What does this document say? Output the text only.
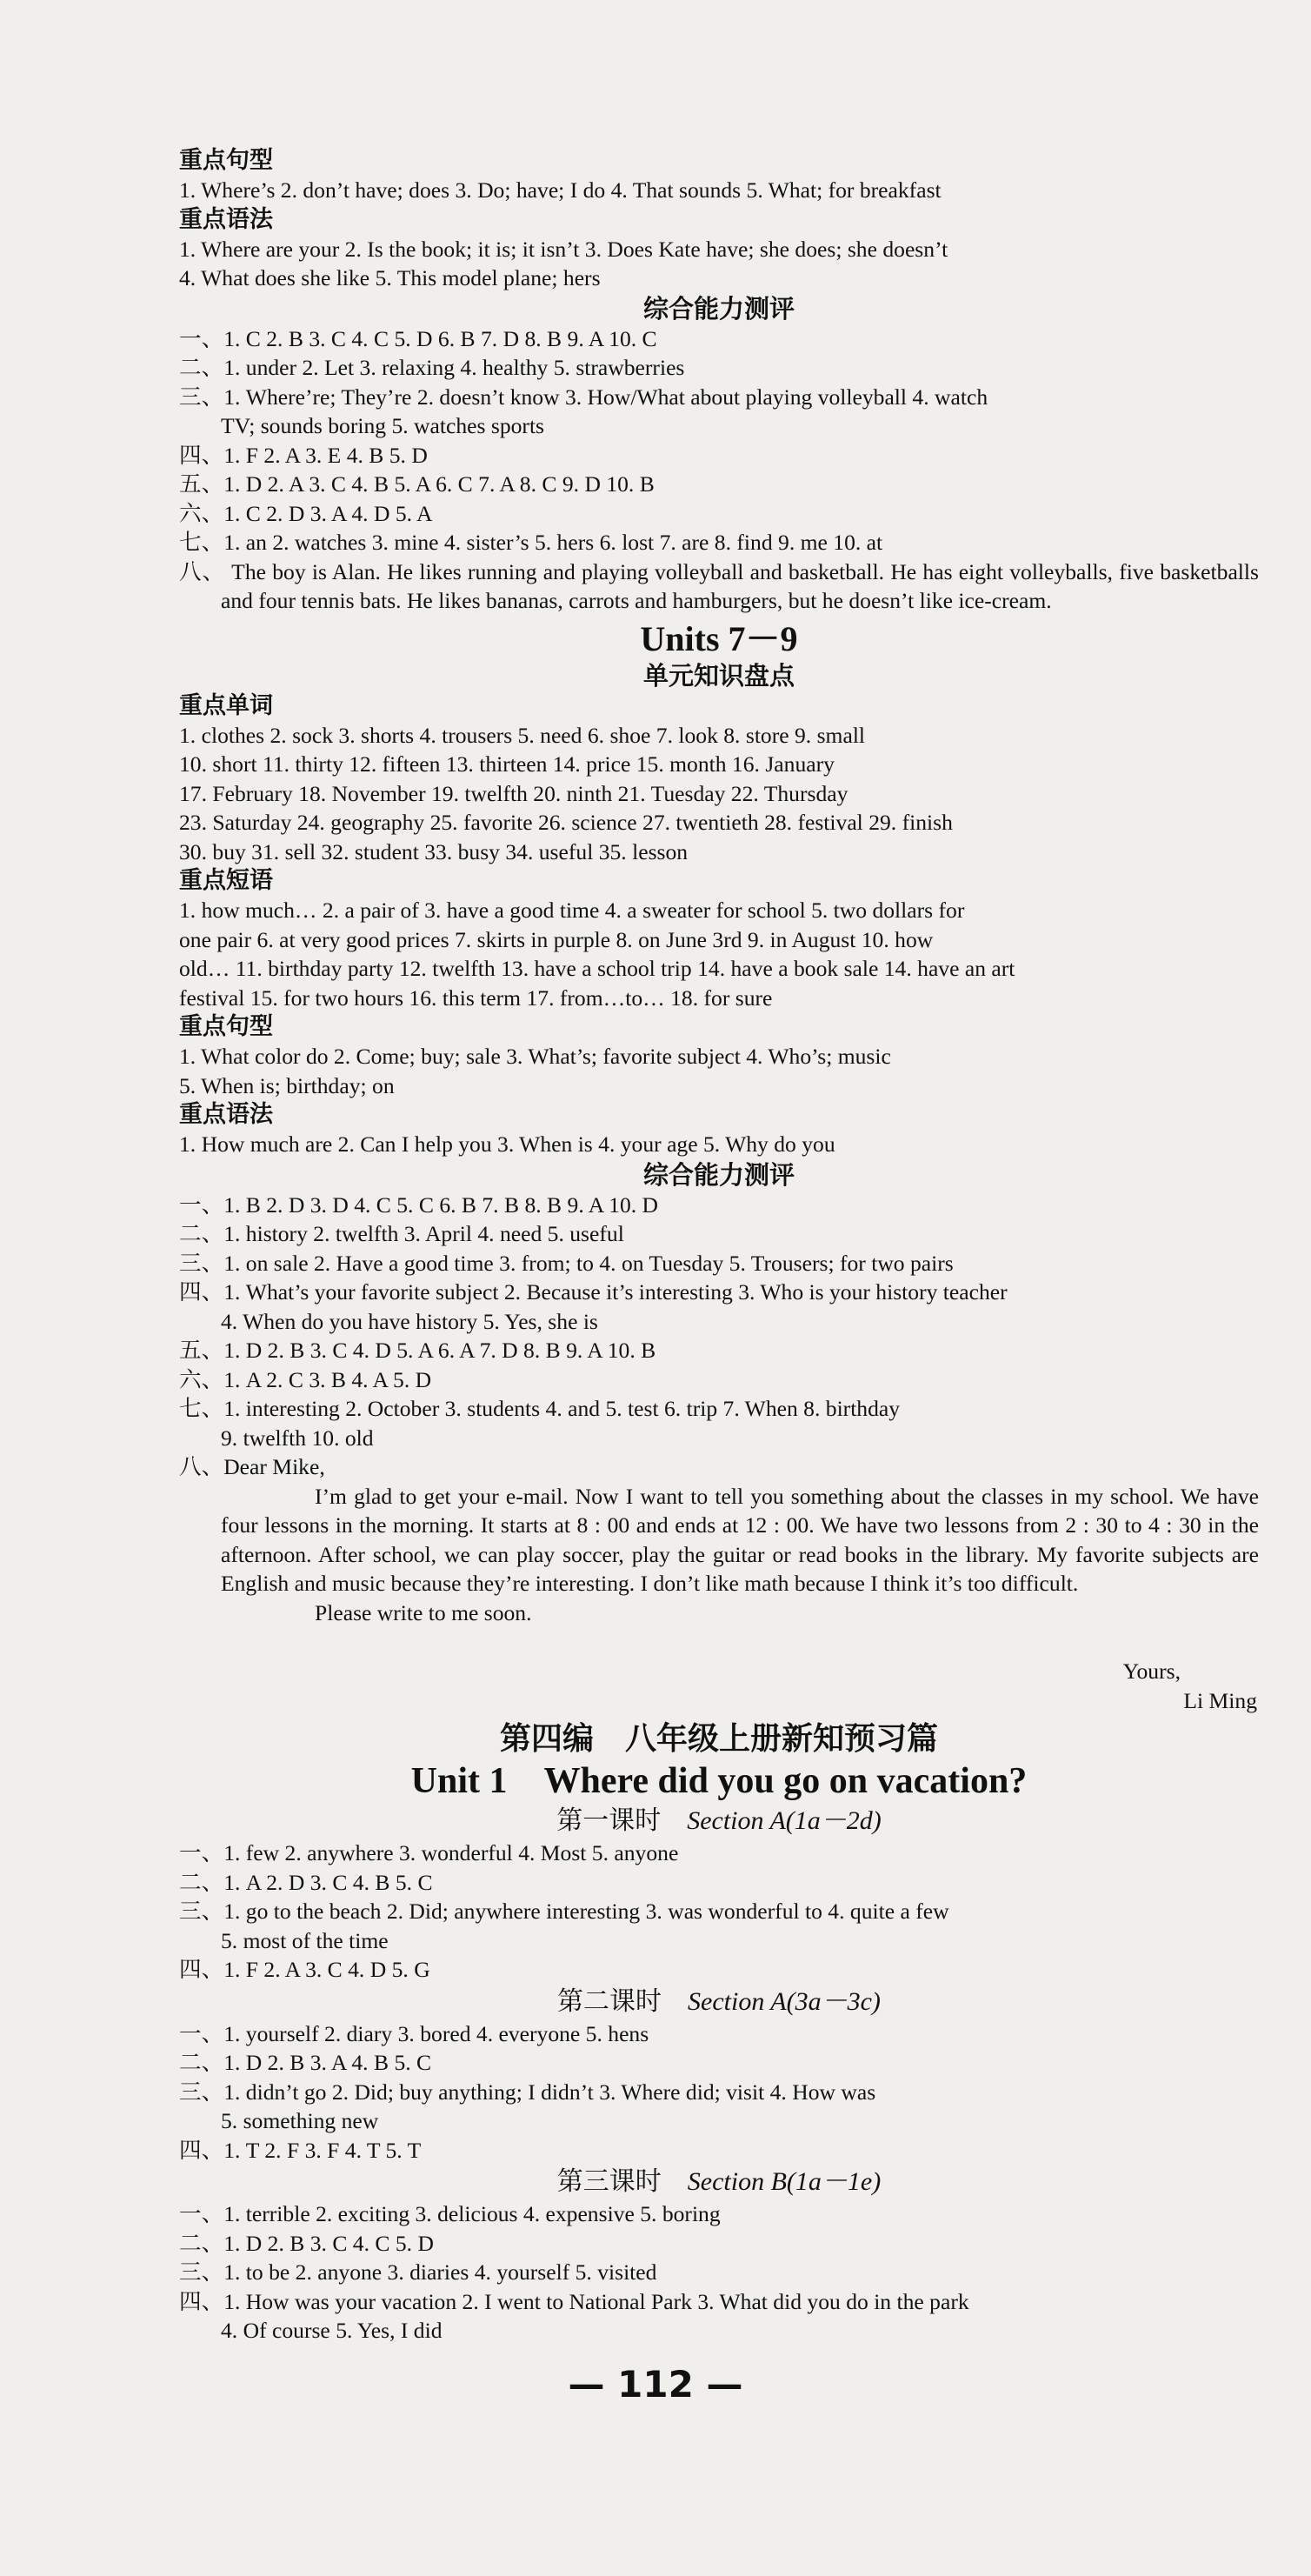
重点句型
1. Where’s 2. don’t have; does 3. Do; have; I do 4. That sounds 5. What; for breakfast
重点语法
1. Where are your 2. Is the book; it is; it isn’t 3. Does Kate have; she does; she doesn’t
4. What does she like 5. This model plane; hers
综合能力测评
一、1. C 2. B 3. C 4. C 5. D 6. B 7. D 8. B 9. A 10. C
二、1. under 2. Let 3. relaxing 4. healthy 5. strawberries
三、1. Where’re; They’re 2. doesn’t know 3. How/What about playing volleyball 4. watch
TV; sounds boring 5. watches sports
四、1. F 2. A 3. E 4. B 5. D
五、1. D 2. A 3. C 4. B 5. A 6. C 7. A 8. C 9. D 10. B
六、1. C 2. D 3. A 4. D 5. A
七、1. an 2. watches 3. mine 4. sister’s 5. hers 6. lost 7. are 8. find 9. me 10. at
八、 The boy is Alan. He likes running and playing volleyball and basketball. He has eight volleyballs, five basketballs and four tennis bats. He likes bananas, carrots and hamburgers, but he doesn’t like ice-cream.
Units 7－9
单元知识盘点
重点单词
1. clothes 2. sock 3. shorts 4. trousers 5. need 6. shoe 7. look 8. store 9. small
10. short 11. thirty 12. fifteen 13. thirteen 14. price 15. month 16. January
17. February 18. November 19. twelfth 20. ninth 21. Tuesday 22. Thursday
23. Saturday 24. geography 25. favorite 26. science 27. twentieth 28. festival 29. finish
30. buy 31. sell 32. student 33. busy 34. useful 35. lesson
重点短语
1. how much… 2. a pair of 3. have a good time 4. a sweater for school 5. two dollars for
one pair 6. at very good prices 7. skirts in purple 8. on June 3rd 9. in August 10. how
old… 11. birthday party 12. twelfth 13. have a school trip 14. have a book sale 14. have an art
festival 15. for two hours 16. this term 17. from…to… 18. for sure
重点句型
1. What color do 2. Come; buy; sale 3. What’s; favorite subject 4. Who’s; music
5. When is; birthday; on
重点语法
1. How much are 2. Can I help you 3. When is 4. your age 5. Why do you
综合能力测评
一、1. B 2. D 3. D 4. C 5. C 6. B 7. B 8. B 9. A 10. D
二、1. history 2. twelfth 3. April 4. need 5. useful
三、1. on sale 2. Have a good time 3. from; to 4. on Tuesday 5. Trousers; for two pairs
四、1. What’s your favorite subject 2. Because it’s interesting 3. Who is your history teacher
4. When do you have history 5. Yes, she is
五、1. D 2. B 3. C 4. D 5. A 6. A 7. D 8. B 9. A 10. B
六、1. A 2. C 3. B 4. A 5. D
七、1. interesting 2. October 3. students 4. and 5. test 6. trip 7. When 8. birthday
9. twelfth 10. old
八、Dear Mike,
I’m glad to get your e-mail. Now I want to tell you something about the classes in my school. We have four lessons in the morning. It starts at 8 : 00 and ends at 12 : 00. We have two lessons from 2 : 30 to 4 : 30 in the afternoon. After school, we can play soccer, play the guitar or read books in the library. My favorite subjects are English and music because they’re interesting. I don’t like math because I think it’s too difficult.
Please write to me soon.
Yours,
Li Ming
第四编　八年级上册新知预习篇
Unit 1　Where did you go on vacation?
第一课时　 Section A(1a－2d)
一、1. few 2. anywhere 3. wonderful 4. Most 5. anyone
二、1. A 2. D 3. C 4. B 5. C
三、1. go to the beach 2. Did; anywhere interesting 3. was wonderful to 4. quite a few
5. most of the time
四、1. F 2. A 3. C 4. D 5. G
第二课时　 Section A(3a－3c)
一、1. yourself 2. diary 3. bored 4. everyone 5. hens
二、1. D 2. B 3. A 4. B 5. C
三、1. didn’t go 2. Did; buy anything; I didn’t 3. Where did; visit 4. How was
5. something new
四、1. T 2. F 3. F 4. T 5. T
第三课时　 Section B(1a－1e)
一、1. terrible 2. exciting 3. delicious 4. expensive 5. boring
二、1. D 2. B 3. C 4. C 5. D
三、1. to be 2. anyone 3. diaries 4. yourself 5. visited
四、1. How was your vacation 2. I went to National Park 3. What did you do in the park
4. Of course 5. Yes, I did
— 112 —
